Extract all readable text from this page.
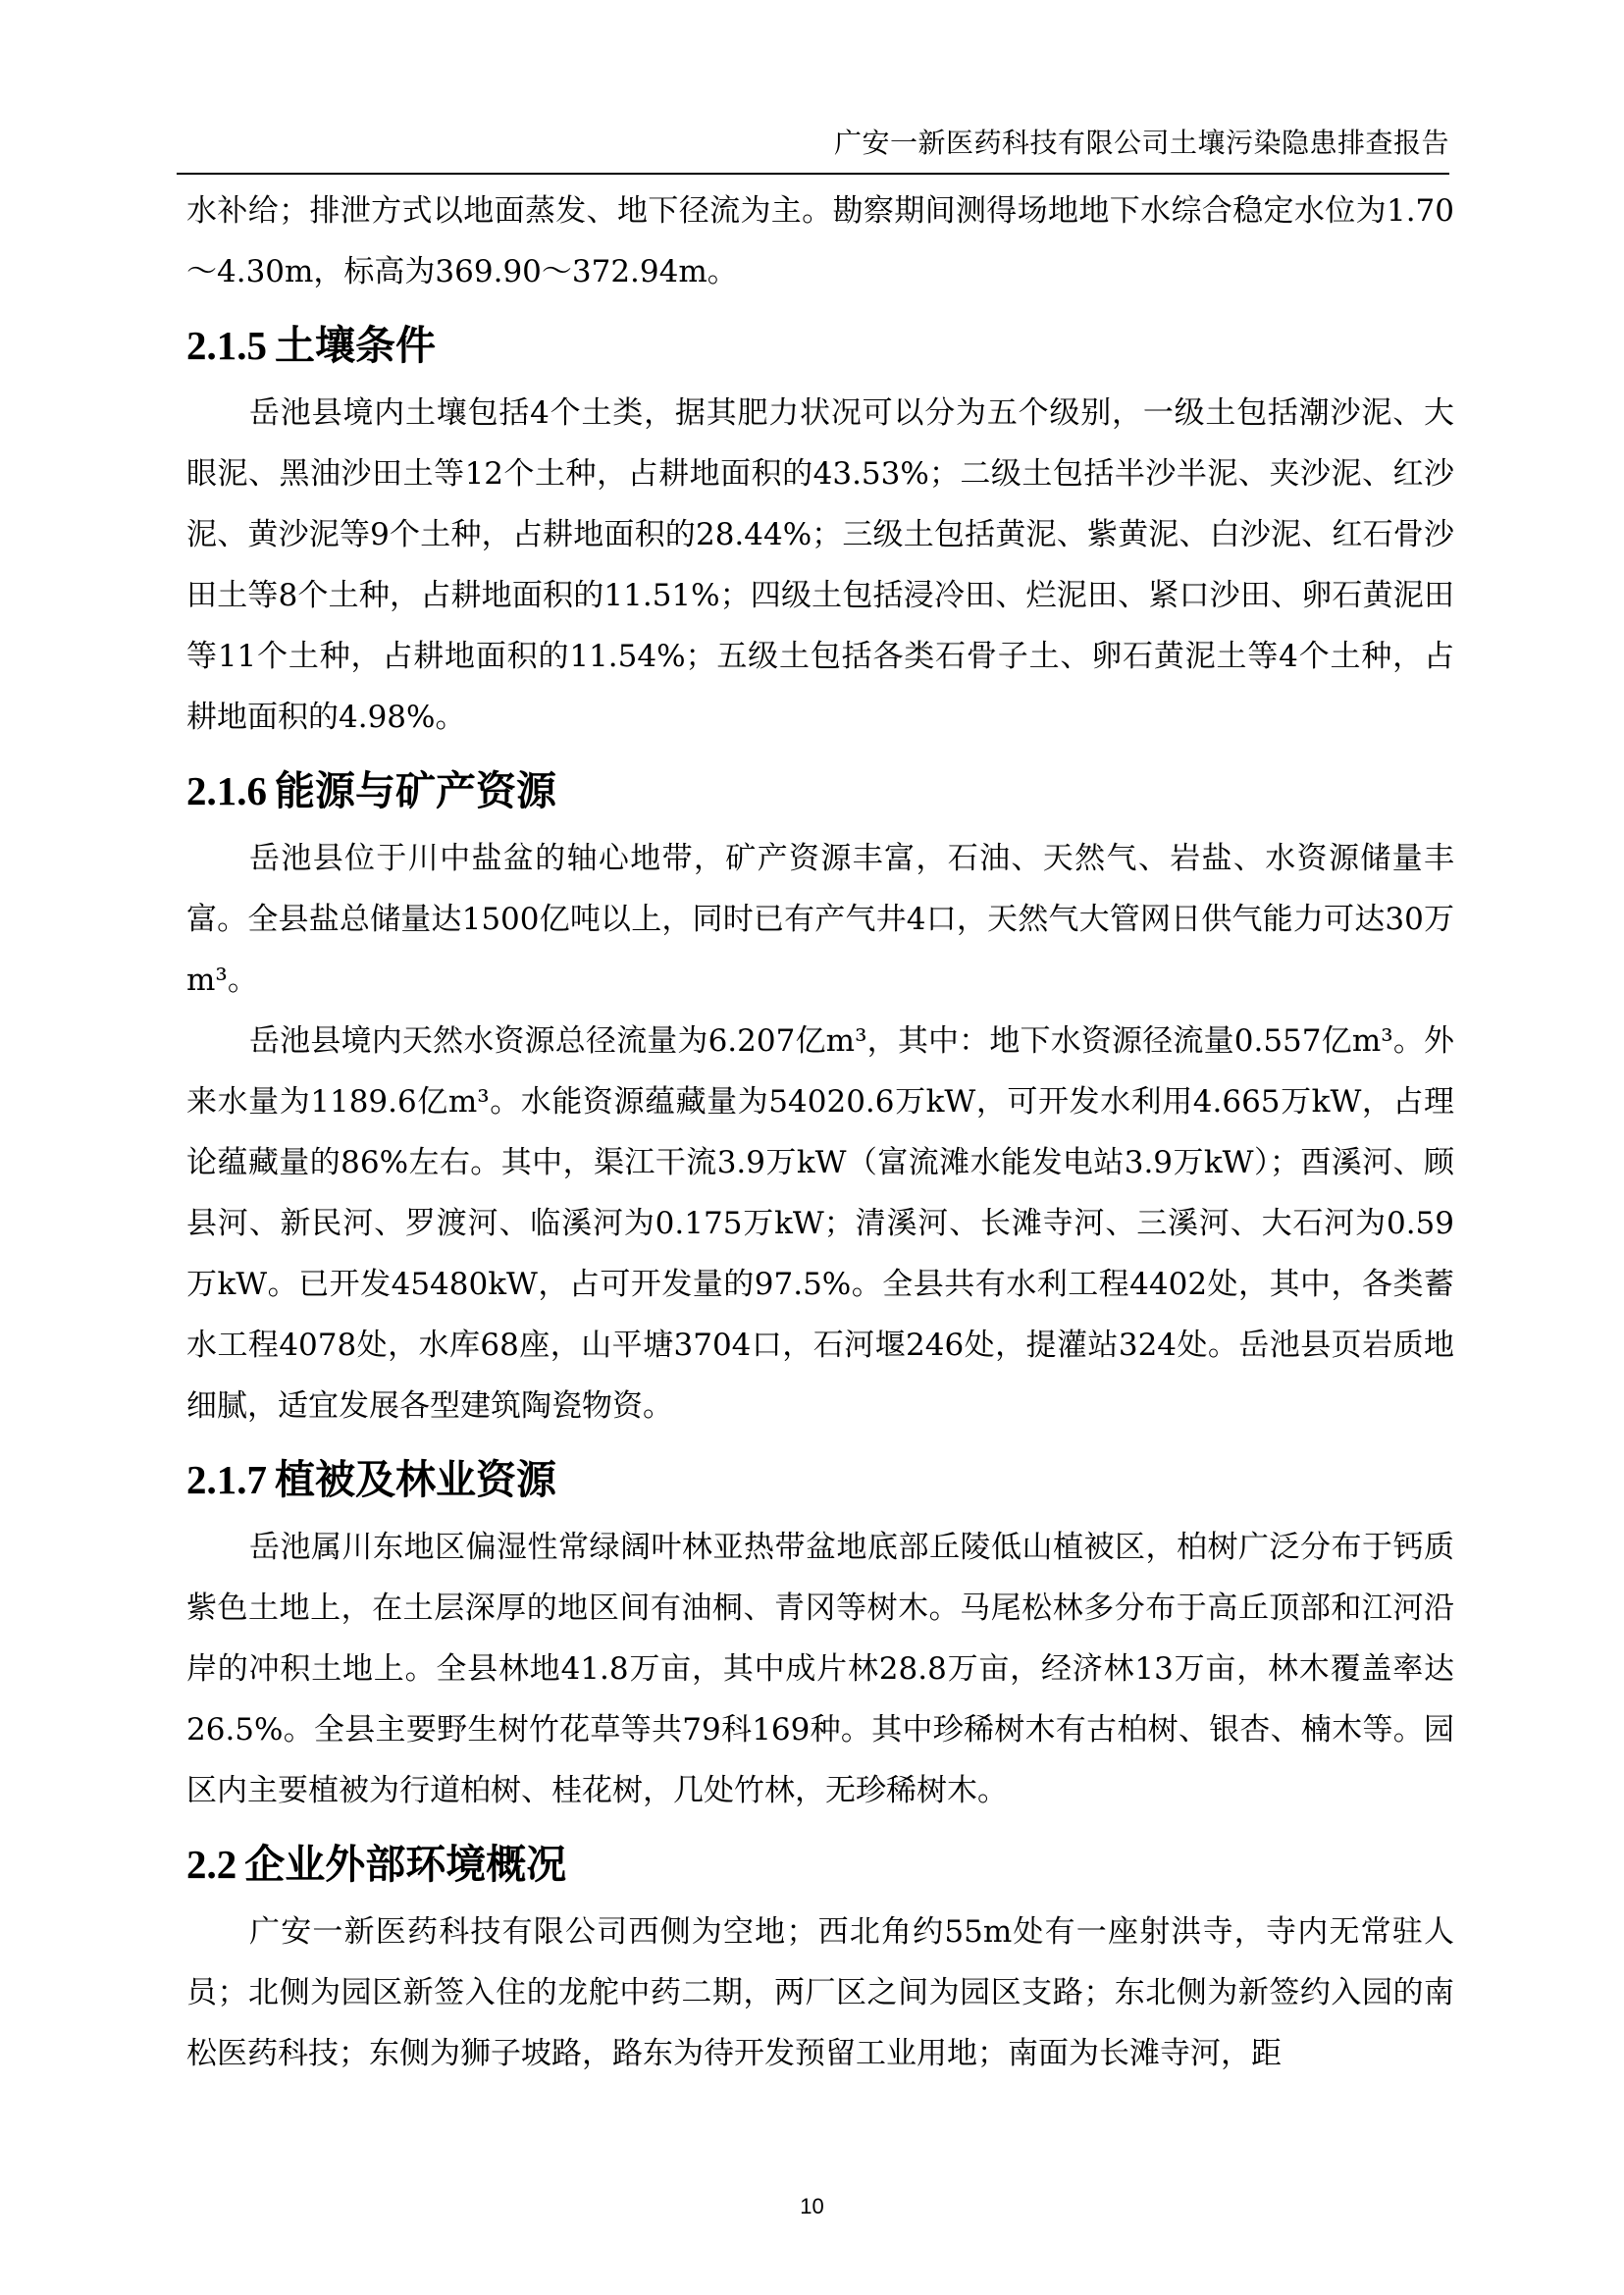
广安一新医药科技有限公司土壤污染隐患排查报告

水补给；排泄方式以地面蒸发、地下径流为主。勘察期间测得场地地下水综合稳定水位为1.70～4.30m，标高为369.90～372.94m。

2.1.5 土壤条件

岳池县境内土壤包括4个土类，据其肥力状况可以分为五个级别，一级土包括潮沙泥、大眼泥、黑油沙田土等12个土种，占耕地面积的43.53%；二级土包括半沙半泥、夹沙泥、红沙泥、黄沙泥等9个土种，占耕地面积的28.44%；三级土包括黄泥、紫黄泥、白沙泥、红石骨沙田土等8个土种，占耕地面积的11.51%；四级土包括浸冷田、烂泥田、紧口沙田、卵石黄泥田等11个土种，占耕地面积的11.54%；五级土包括各类石骨子土、卵石黄泥土等4个土种，占耕地面积的4.98%。

2.1.6 能源与矿产资源

岳池县位于川中盐盆的轴心地带，矿产资源丰富，石油、天然气、岩盐、水资源储量丰富。全县盐总储量达1500亿吨以上，同时已有产气井4口，天然气大管网日供气能力可达30万m³。

岳池县境内天然水资源总径流量为6.207亿m³，其中：地下水资源径流量0.557亿m³。外来水量为1189.6亿m³。水能资源蕴藏量为54020.6万kW，可开发水利用4.665万kW，占理论蕴藏量的86%左右。其中，渠江干流3.9万kW（富流滩水能发电站3.9万kW）；酉溪河、顾县河、新民河、罗渡河、临溪河为0.175万kW；清溪河、长滩寺河、三溪河、大石河为0.59万kW。已开发45480kW，占可开发量的97.5%。全县共有水利工程4402处，其中，各类蓄水工程4078处，水库68座，山平塘3704口，石河堰246处，提灌站324处。岳池县页岩质地细腻，适宜发展各型建筑陶瓷物资。

2.1.7 植被及林业资源

岳池属川东地区偏湿性常绿阔叶林亚热带盆地底部丘陵低山植被区，柏树广泛分布于钙质紫色土地上，在土层深厚的地区间有油桐、青冈等树木。马尾松林多分布于高丘顶部和江河沿岸的冲积土地上。全县林地41.8万亩，其中成片林28.8万亩，经济林13万亩，林木覆盖率达26.5%。全县主要野生树竹花草等共79科169种。其中珍稀树木有古柏树、银杏、楠木等。园区内主要植被为行道柏树、桂花树，几处竹林，无珍稀树木。

2.2 企业外部环境概况

广安一新医药科技有限公司西侧为空地；西北角约55m处有一座射洪寺，寺内无常驻人员；北侧为园区新签入住的龙舵中药二期，两厂区之间为园区支路；东北侧为新签约入园的南松医药科技；东侧为狮子坡路，路东为待开发预留工业用地；南面为长滩寺河，距

10
